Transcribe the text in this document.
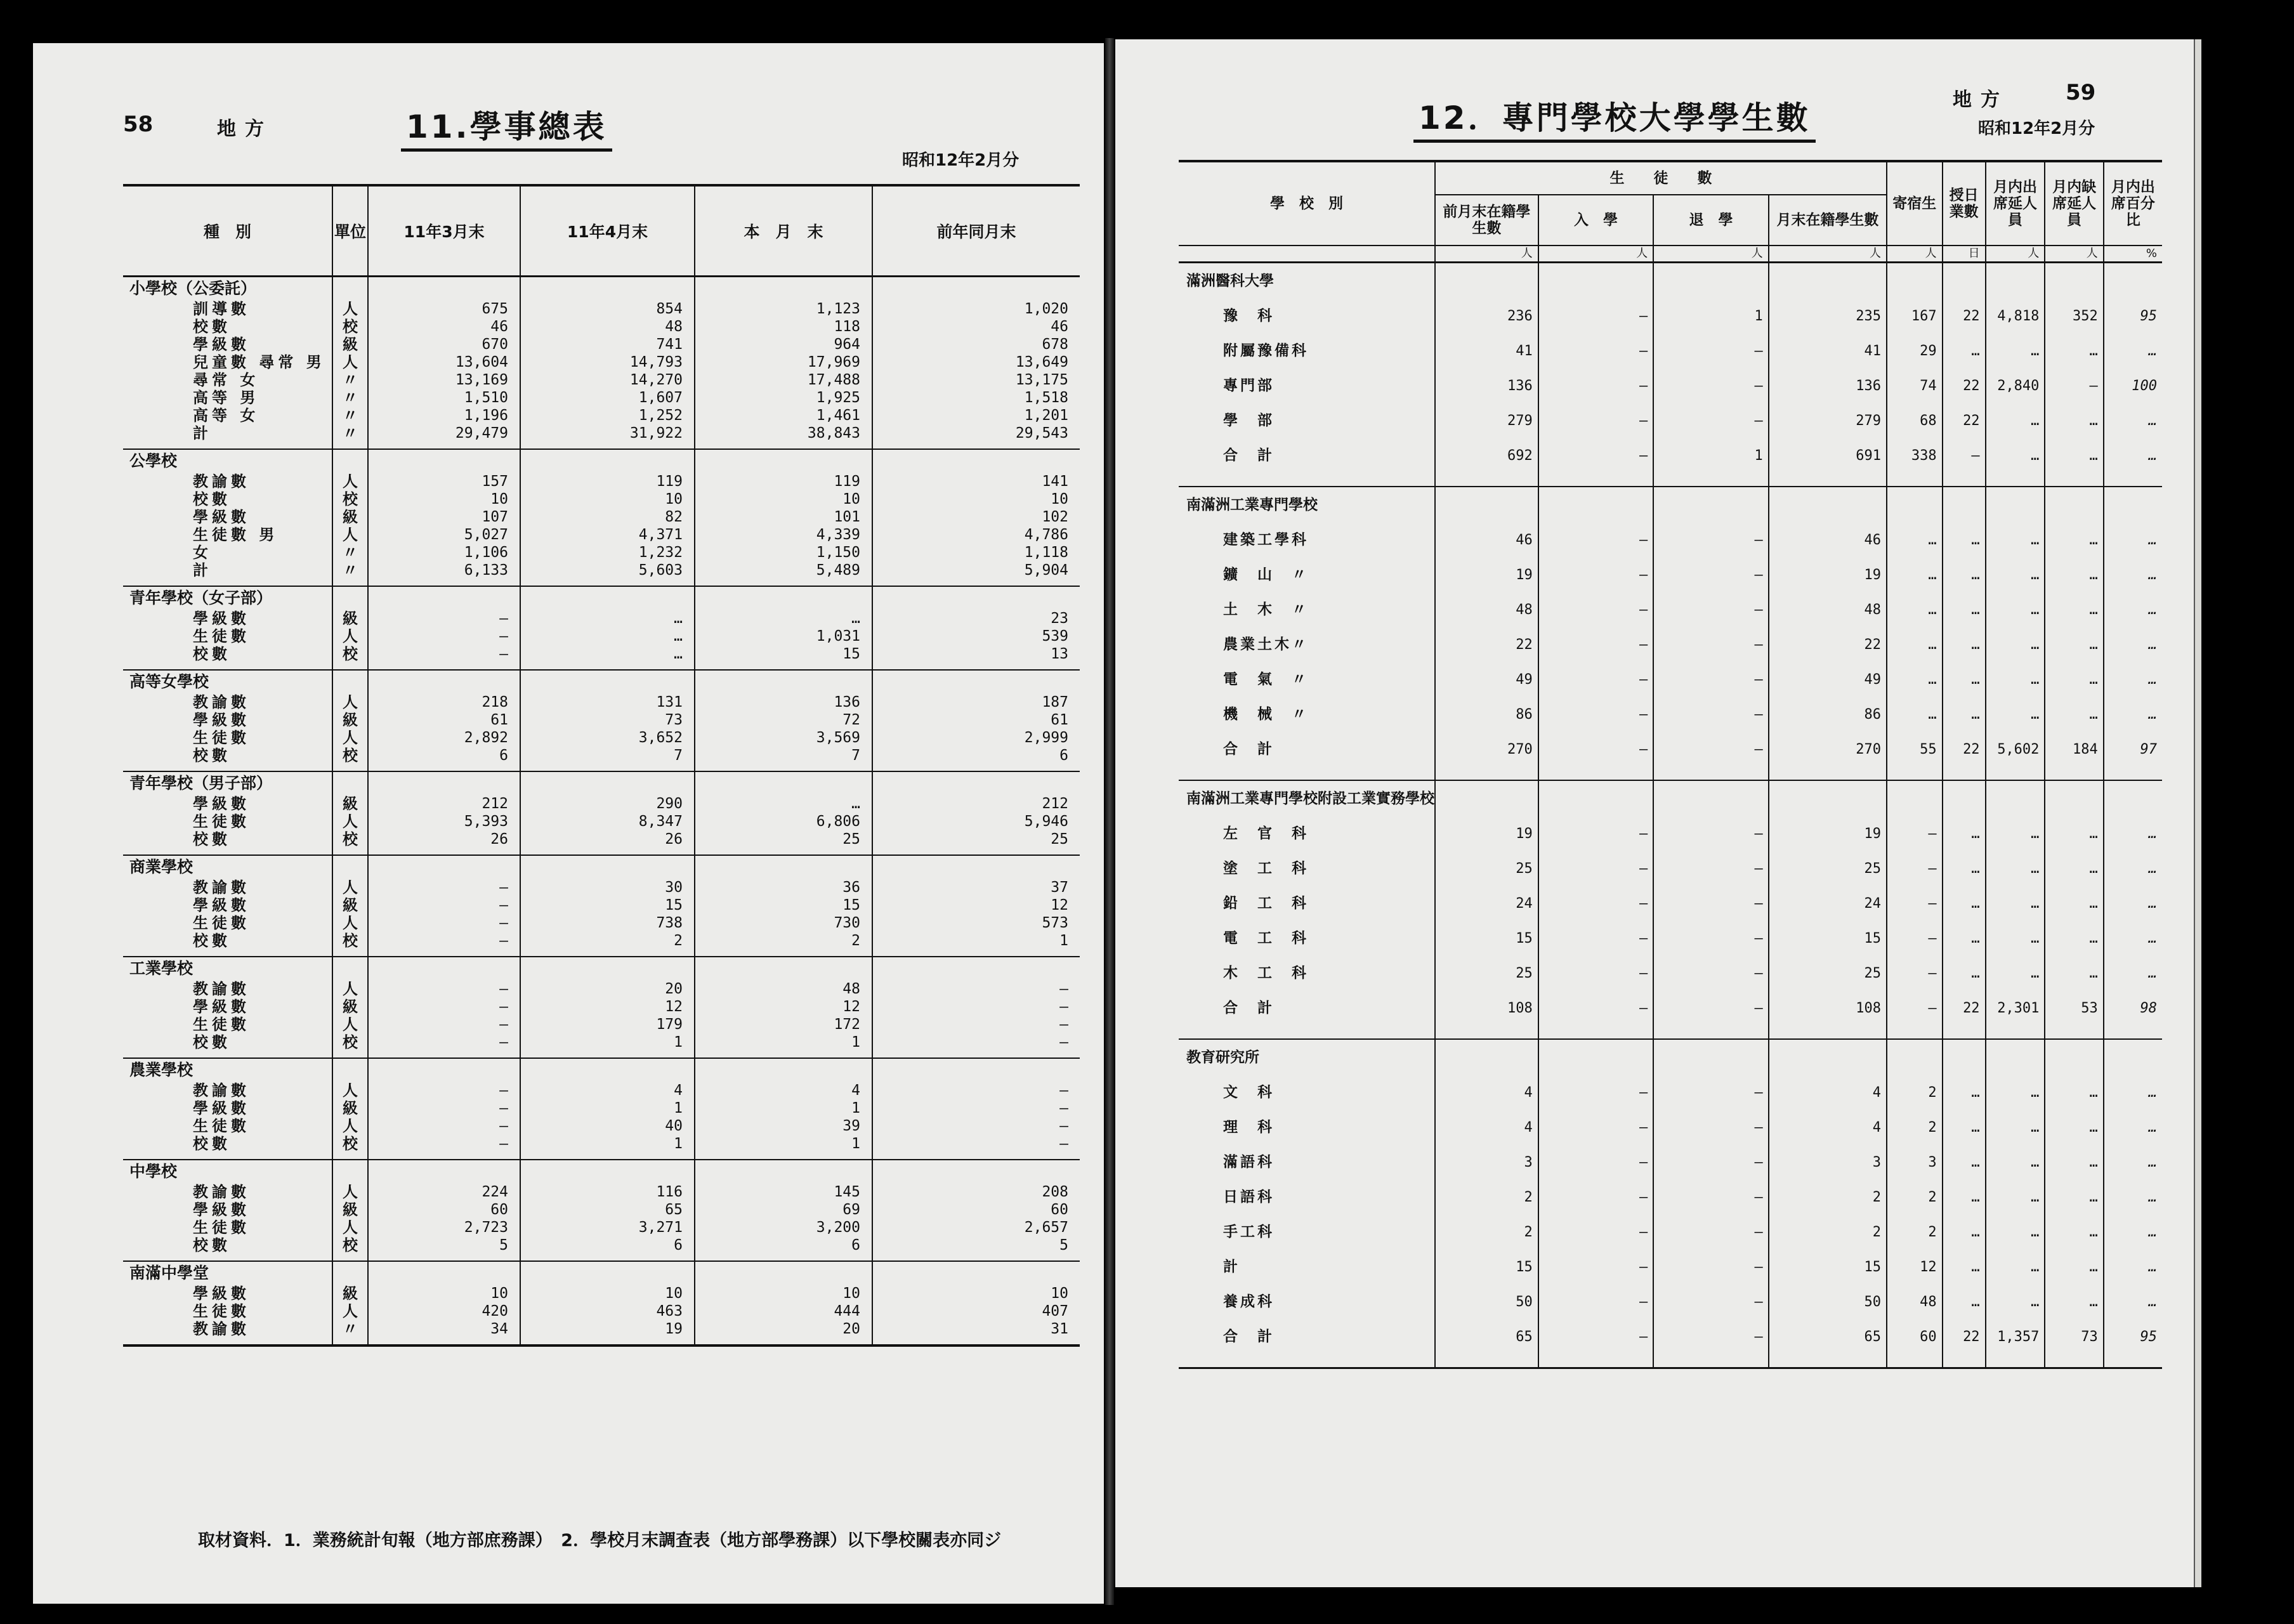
58	地方	11.學事總表
昭和12年2月分
種　別	單位	11年3月末	11年4月末	本　月　末	前年同月末
小學校（公委託）					
訓導數	人	675	854	1,123	1,020
校數	校	46	48	118	46
學級數	級	670	741	964	678
兒童數 尋常 男	人	13,604	14,793	17,969	13,649
尋常 女	〃	13,169	14,270	17,488	13,175
高等 男	〃	1,510	1,607	1,925	1,518
高等 女	〃	1,196	1,252	1,461	1,201
計	〃	29,479	31,922	38,843	29,543

公學校					
教諭數	人	157	119	119	141
校數	校	10	10	10	10
學級數	級	107	82	101	102
生徒數 男	人	5,027	4,371	4,339	4,786
女	〃	1,106	1,232	1,150	1,118
計	〃	6,133	5,603	5,489	5,904

青年學校（女子部）					
學級數	級	—	…	…	23
生徒數	人	—	…	1,031	539
校數	校	—	…	15	13

高等女學校					
教諭數	人	218	131	136	187
學級數	級	61	73	72	61
生徒數	人	2,892	3,652	3,569	2,999
校數	校	6	7	7	6

青年學校（男子部）					
學級數	級	212	290	…	212
生徒數	人	5,393	8,347	6,806	5,946
校數	校	26	26	25	25

商業學校					
教諭數	人	—	30	36	37
學級數	級	—	15	15	12
生徒數	人	—	738	730	573
校數	校	—	2	2	1

工業學校					
教諭數	人	—	20	48	—
學級數	級	—	12	12	—
生徒數	人	—	179	172	—
校數	校	—	1	1	—

農業學校					
教諭數	人	—	4	4	—
學級數	級	—	1	1	—
生徒數	人	—	40	39	—
校數	校	—	1	1	—

中學校					
教諭數	人	224	116	145	208
學級數	級	60	65	69	60
生徒數	人	2,723	3,271	3,200	2,657
校數	校	5	6	6	5

南滿中學堂					
學級數	級	10	10	10	10
生徒數	人	420	463	444	407
教諭數	〃	34	19	20	31

取材資料．1．業務統計旬報（地方部庶務課）　2．學校月末調査表（地方部學務課）以下學校關表亦同ジ
59
地方
12．專門學校大學學生數	昭和12年2月分
學　校　別	生　　徒　　數				寄宿生	授日業數	月内出席延人員	月内缺席延人員	月内出席百分比
	前月末在籍學生數	入　學	退　學	月末在籍學生數					
	人	人	人	人	人	日	人	人	%
滿洲醫科大學									
豫　科	236	—	1	235	167	22	4,818	352	95
附屬豫備科	41	—	—	41	29	…	…	…	…
專門部	136	—	—	136	74	22	2,840	—	100
學　部	279	—	—	279	68	22	…	…	…
合　計	692	—	1	691	338	—	…	…	…

南滿洲工業專門學校									
建築工學科	46	—	—	46	…	…	…	…	…
鑛　山　〃	19	—	—	19	…	…	…	…	…
土　木　〃	48	—	—	48	…	…	…	…	…
農業土木〃	22	—	—	22	…	…	…	…	…
電　氣　〃	49	—	—	49	…	…	…	…	…
機　械　〃	86	—	—	86	…	…	…	…	…
合　計	270	—	—	270	55	22	5,602	184	97

南滿洲工業專門學校附設工業實務學校									
左　官　科	19	—	—	19	—	…	…	…	…
塗　工　科	25	—	—	25	—	…	…	…	…
鉛　工　科	24	—	—	24	—	…	…	…	…
電　工　科	15	—	—	15	—	…	…	…	…
木　工　科	25	—	—	25	—	…	…	…	…
合　計	108	—	—	108	—	22	2,301	53	98

教育研究所									
文　科	4	—	—	4	2	…	…	…	…
理　科	4	—	—	4	2	…	…	…	…
滿語科	3	—	—	3	3	…	…	…	…
日語科	2	—	—	2	2	…	…	…	…
手工科	2	—	—	2	2	…	…	…	…
計	15	—	—	15	12	…	…	…	…
養成科	50	—	—	50	48	…	…	…	…
合　計	65	—	—	65	60	22	1,357	73	95
